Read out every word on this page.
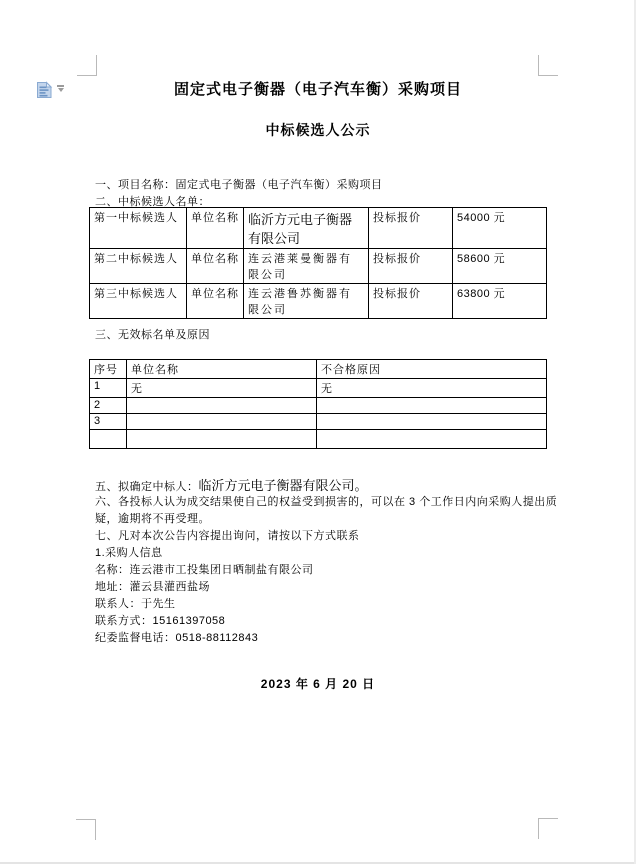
固定式电子衡器（电子汽车衡）采购项目
中标候选人公示
一、项目名称：固定式电子衡器（电子汽车衡）采购项目
二、中标候选人名单：
第一中标候选人	单位名称	临沂方元电子衡器有限公司	投标报价	54000 元
第二中标候选人	单位名称	连云港莱曼衡器有限公司	投标报价	58600 元
第三中标候选人	单位名称	连云港鲁苏衡器有限公司	投标报价	63800 元
三、无效标名单及原因
序号	单位名称	不合格原因
1	无	无
2		
3		

五、拟确定中标人：临沂方元电子衡器有限公司。
六、各投标人认为成交结果使自己的权益受到损害的，可以在 3 个工作日内向采购人提出质
疑，逾期将不再受理。
七、凡对本次公告内容提出询问，请按以下方式联系
1.采购人信息
名称：连云港市工投集团日晒制盐有限公司
地址：灌云县灌西盐场
联系人：于先生
联系方式：15161397058
纪委监督电话：0518-88112843
2023 年 6 月 20 日
